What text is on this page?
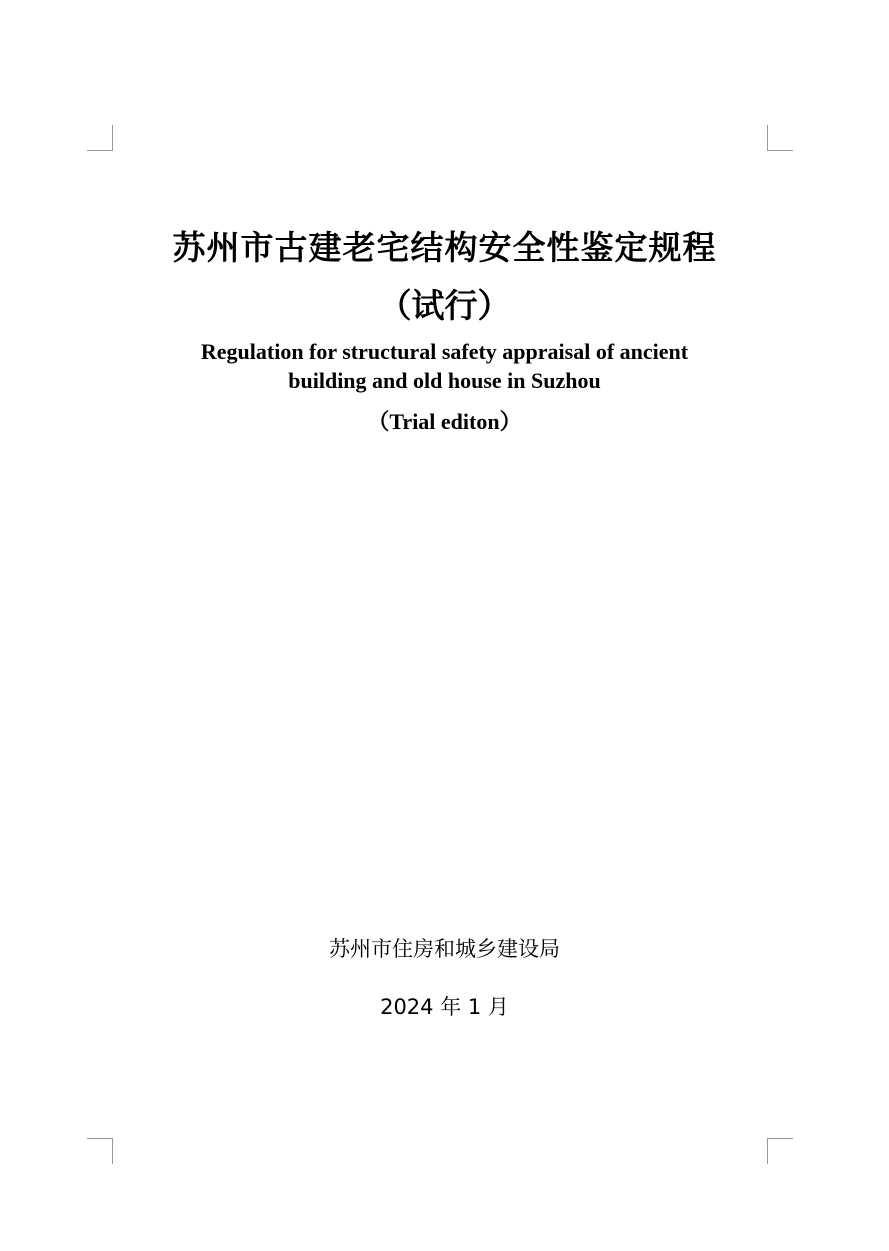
苏州市古建老宅结构安全性鉴定规程
（试行）
Regulation for structural safety appraisal of ancient
building and old house in Suzhou
（Trial editon）
苏州市住房和城乡建设局
2024 年 1 月
